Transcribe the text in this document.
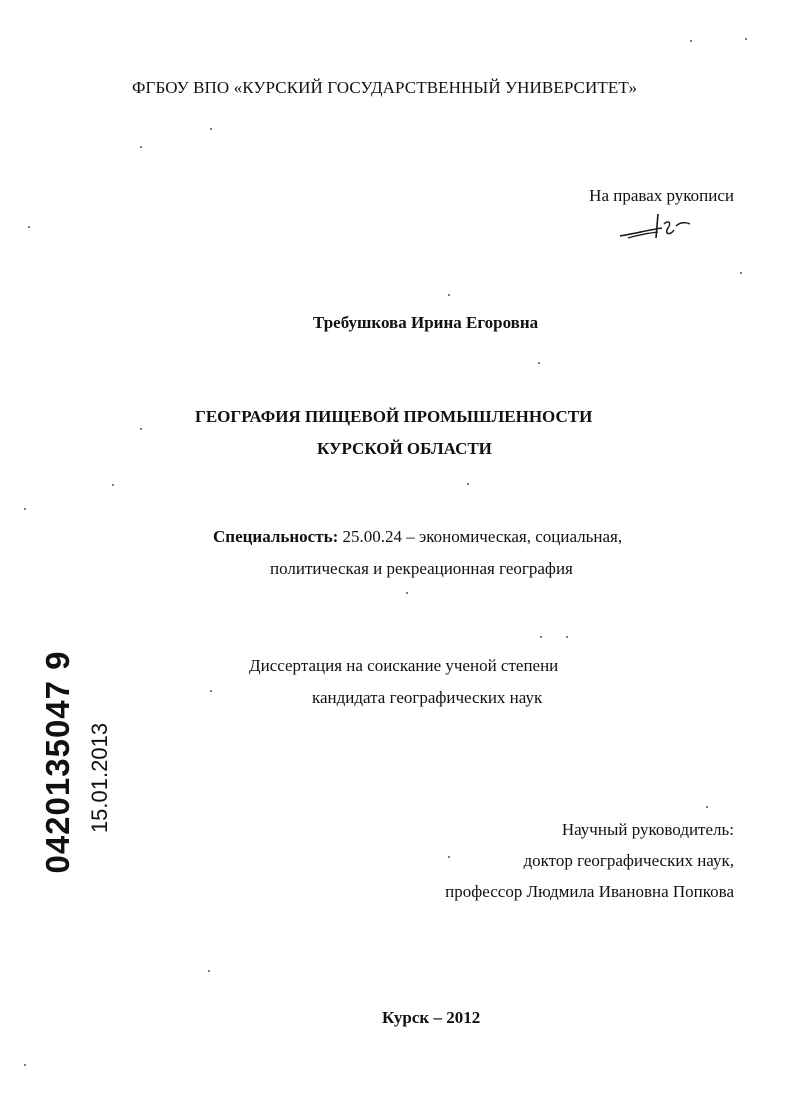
ФГБОУ ВПО «КУРСКИЙ ГОСУДАРСТВЕННЫЙ УНИВЕРСИТЕТ»
На правах рукописи
Требушкова Ирина Егоровна
ГЕОГРАФИЯ ПИЩЕВОЙ ПРОМЫШЛЕННОСТИ
КУРСКОЙ ОБЛАСТИ
Специальность: 25.00.24 – экономическая, социальная,
политическая и рекреационная география
Диссертация на соискание ученой степени
кандидата географических наук
Научный руководитель:
доктор географических наук,
профессор Людмила Ивановна Попкова
Курск – 2012
0420135047 9 15.01.2013
